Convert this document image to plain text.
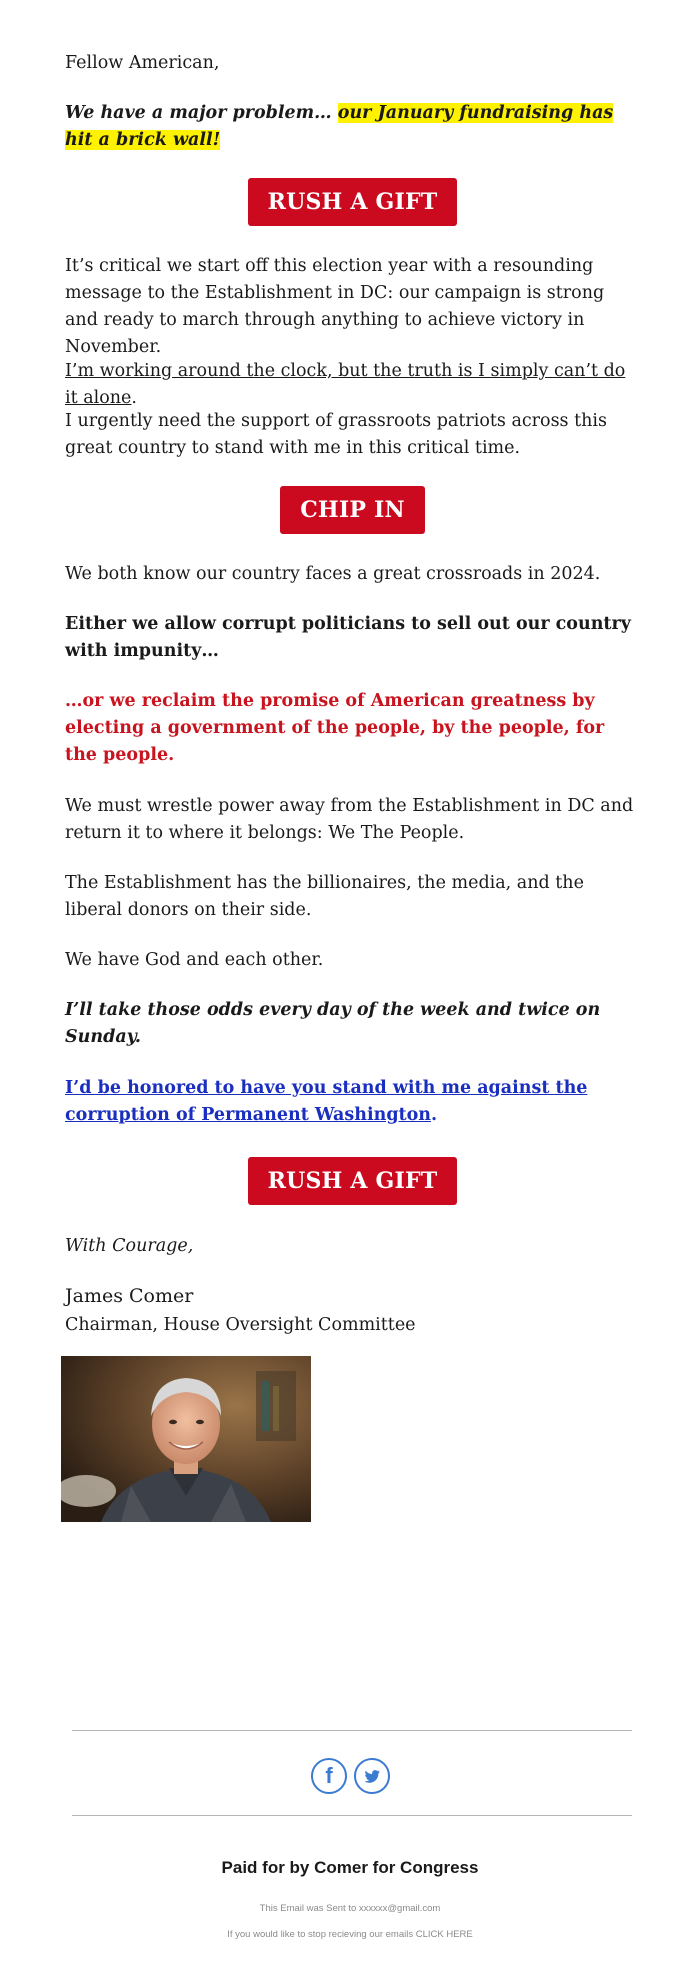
Fellow American,

We have a major problem… our January fundraising has hit a brick wall!

RUSH A GIFT

It’s critical we start off this election year with a resounding message to the Establishment in DC: our campaign is strong and ready to march through anything to achieve victory in November.

I’m working around the clock, but the truth is I simply can’t do it alone.

I urgently need the support of grassroots patriots across this great country to stand with me in this critical time.

CHIP IN

We both know our country faces a great crossroads in 2024.

Either we allow corrupt politicians to sell out our country with impunity…

…or we reclaim the promise of American greatness by electing a government of the people, by the people, for the people.

We must wrestle power away from the Establishment in DC and return it to where it belongs: We The People.

The Establishment has the billionaires, the media, and the liberal donors on their side.

We have God and each other.

I’ll take those odds every day of the week and twice on Sunday.

I’d be honored to have you stand with me against the corruption of Permanent Washington.

RUSH A GIFT

With Courage,

James Comer

Chairman, House Oversight Committee

f
Paid for by Comer for Congress
This Email was Sent to xxxxxx@gmail.com
If you would like to stop recieving our emails CLICK HERE
